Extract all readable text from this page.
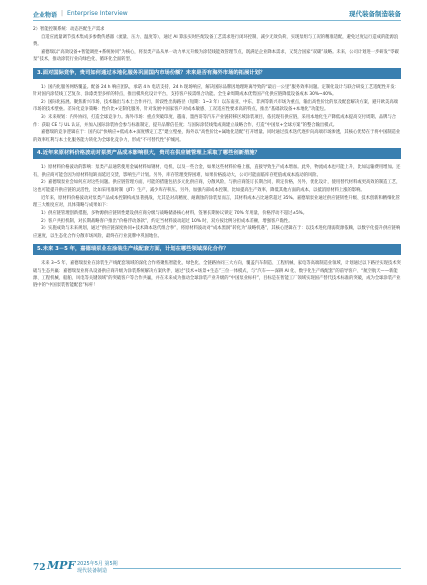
企业物语 | Enterprise Interview	现代装备制造装备

2）智能控制系统：动态匹配生产需求

自适应流量调节技术集成多参数传感器（流量、压力、温度等），通过 AI 算法实时匹配设备工艺需求进行闭环控制，减少无效负荷，实现泵组与工况的精准适配，避免过度运行造成的能源浪费。

嘉德瑞以“高效设备+智能调控+系统协同”为核心，将泵类产品从单一动力单元升级为涂装线能效管理节点，既满足企业降本需求，又契合国家“双碳”战略。未来，公司计划进一步研发“零碳泵”技术，推动涂装行业向绿色化、循环化全面转型。

3.面对国际竞争，贵司如何通过本地化服务巩固国内市场份额？未来是否有海外市场的拓展计划？

1）国内化服务网络覆盖。配备 24 h 响应团队，承诺 4 h 电话支持、24 h 现场响应，解决国际品牌因地理距离导致的“最后一公里”服务效率问题。定制化设计与联合研发工艺适配性开发：针对国内涂装线工艺复杂、涂漆类型多样的特点，推出模块化设计平台，支持客户按需组合功能。全生命周期成本优势国产化供应链降低设备成本 30%~40%。

2）国际化拓展。聚焦新兴市场，技术输出与本土合作并行，阶段性出海路径（短期：1~3 年）以东南亚、中东、非洲等新兴市场为重点，输出高性价比的泵及配套解决方案，避开欧美高端市场的技术壁垒。差异化竞争策略：性价比+定制化服务，针对发展中国家客户对成本敏感、工况适应性要求高的特点，推出“基础款设备+本地化”功能包。

3）未来规划：内外协同，打造全球竞争力。海外市场：重点突破印度、越南、墨西哥等汽车产业链转移区域涂装项目，依托现有供应链，采用本地化生产降低成本提高交付周期。品牌与合作：获取 CE 与 UL 认证，并加入国际涂装协会参与标准制定，提升品牌信任度；与国际涂装线集成商建立战略合作，打造“中国泵+全球方案”的整合输出模式。

嘉德瑞的竞争逻辑在于：国内以“快响应+低成本+深度绑定工艺”建立壁垒，海外以“高性价比+属地化适配”打开增量。同时通过技术迭代逐步向高端市场渗透，其核心优势在于将中国制造业的效率红利与本土化服务能力转化为全球化竞争力，形成“不可替代性”护城河。

4.近年来原材料价格波动对泵类产品成本影响很大，贵司在供应链管理上采取了哪些创新措施？

1）原材料价格波动的影响：泵类产品通常使用金属材料如钢材、电机、以及一些合金，如果这些材料价格上涨，直接导致生产成本增加。此外，物流成本也可能上升，比如运输费用增加。还有，供应商可能会因为原材料短缺而延迟交货，影响生产计划。另外，库存管理变得困难，如果价格波动大，公司可能面临库存贬值或成本波动的风险。

2）嘉德瑞泵业会如何应对这些问题。供应链管理方面，可能的措施包括多元化供应商，分散风险，与供应商签订长期合同，锁定价格，另外，优化设计，使用替代材料或更高效的制造工艺，这也可能提升供应链的灵活性，比如采用准时制（JIT）生产，减少库存积压。另外，加强内部成本控制，比如提高生产效率，降低其他方面的成本，以抵消原材料上涨的影响。

近年来，原材料价格波动对泵类产品成本控制构成显著挑战，尤其是对高精度、耐腐蚀的涂装泵而言，其材料成本占比通常超过 35%。嘉德瑞泵业通过供应链韧性升级、技术创新和精细化管理三大维度应对，具体策略与成果如下：

1）供应链管理创新措施，多物源供应链韧性建设供应商分级与战略储备核心材料，签署长期协议锁定 70% 年用量，价格浮动不超过±5%。

2）客户共担机制，对长期战略客户推出“价格浮动条款”，约定当材料波动超过 10% 时，双方按比例分担成本差额，增强客户黏性。

3）实施成效与未来规划，通过“供应链深度协同+技术降本迭代组合拳”，将原材料波动对“成本黑洞”转化为“战略机遇”，其核心逻辑在于：以技术进化削弱资源依赖，以数字化提升供应链响应速度，以生态化合作分散市场风险，最终在行业洗牌中巩固地位。

5.未来 3－5 年，嘉德瑞泵业在涂装生产线配套方面，计划在哪些领域深化合作？

未来 3~5 年，嘉德瑞泵业在涂装生产线配套领域的深化合作将聚焦智能化、绿色化、全链路协同三大方向，覆盖汽车制造、工程机械、家电等高端制造业领域，计划通过以下路径实现技术突破与生态共赢：嘉德瑞泵业将从设备供应商升级为涂装系统解决方案伙伴，通过“技术+场景+生态”三位一体模式，与“汽车——深耕 AI 化、数字化生产线配套”的前导客户、“航空航天——新能源、工程机械、船舶、风电等关键领域”的突破客户等合作共赢，并在未来成为推动全球涂装产业升级的“中国泵业标杆”，目标是在智能工厂领域实现国产替代技术标准的突破，成为全球涂装产业链中的“中国泵装智能配套”标杆！

72 MPF 2025年5月 第5期
现代装备制造
